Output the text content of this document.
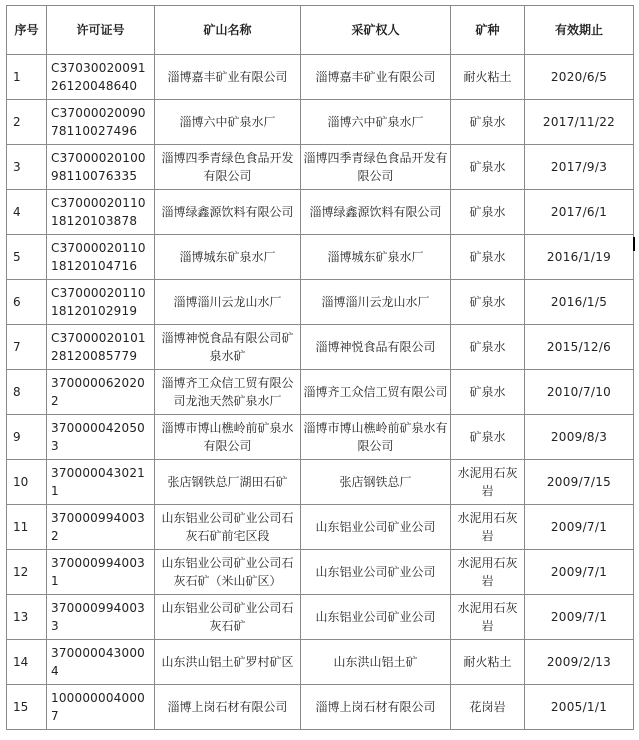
序号	许可证号	矿山名称	采矿权人	矿种	有效期止
1	C3703002009126120048640	淄博嘉丰矿业有限公司	淄博嘉丰矿业有限公司	耐火粘土	2020/6/5
2	C3700002009078110027496	淄博六中矿泉水厂	淄博六中矿泉水厂	矿泉水	2017/11/22
3	C3700002010098110076335	淄博四季青绿色食品开发有限公司	淄博四季青绿色食品开发有限公司	矿泉水	2017/9/3
4	C3700002011018120103878	淄博绿鑫源饮料有限公司	淄博绿鑫源饮料有限公司	矿泉水	2017/6/1
5	C3700002011018120104716	淄博城东矿泉水厂	淄博城东矿泉水厂	矿泉水	2016/1/19
6	C3700002011018120102919	淄博淄川云龙山水厂	淄博淄川云龙山水厂	矿泉水	2016/1/5
7	C3700002010128120085779	淄博神悦食品有限公司矿泉水矿	淄博神悦食品有限公司	矿泉水	2015/12/6
8	3700000620202	淄博齐工众信工贸有限公司龙池天然矿泉水厂	淄博齐工众信工贸有限公司	矿泉水	2010/7/10
9	3700000420503	淄博市博山樵岭前矿泉水有限公司	淄博市博山樵岭前矿泉水有限公司	矿泉水	2009/8/3
10	3700000430211	张店钢铁总厂湖田石矿	张店钢铁总厂	水泥用石灰岩	2009/7/15
11	3700009940032	山东铝业公司矿业公司石灰石矿前宅区段	山东铝业公司矿业公司	水泥用石灰岩	2009/7/1
12	3700009940031	山东铝业公司矿业公司石灰石矿（米山矿区）	山东铝业公司矿业公司	水泥用石灰岩	2009/7/1
13	3700009940033	山东铝业公司矿业公司石灰石矿	山东铝业公司矿业公司	水泥用石灰岩	2009/7/1
14	3700000430004	山东洪山铝土矿罗村矿区	山东洪山铝土矿	耐火粘土	2009/2/13
15	1000000040007	淄博上岗石材有限公司	淄博上岗石材有限公司	花岗岩	2005/1/1
